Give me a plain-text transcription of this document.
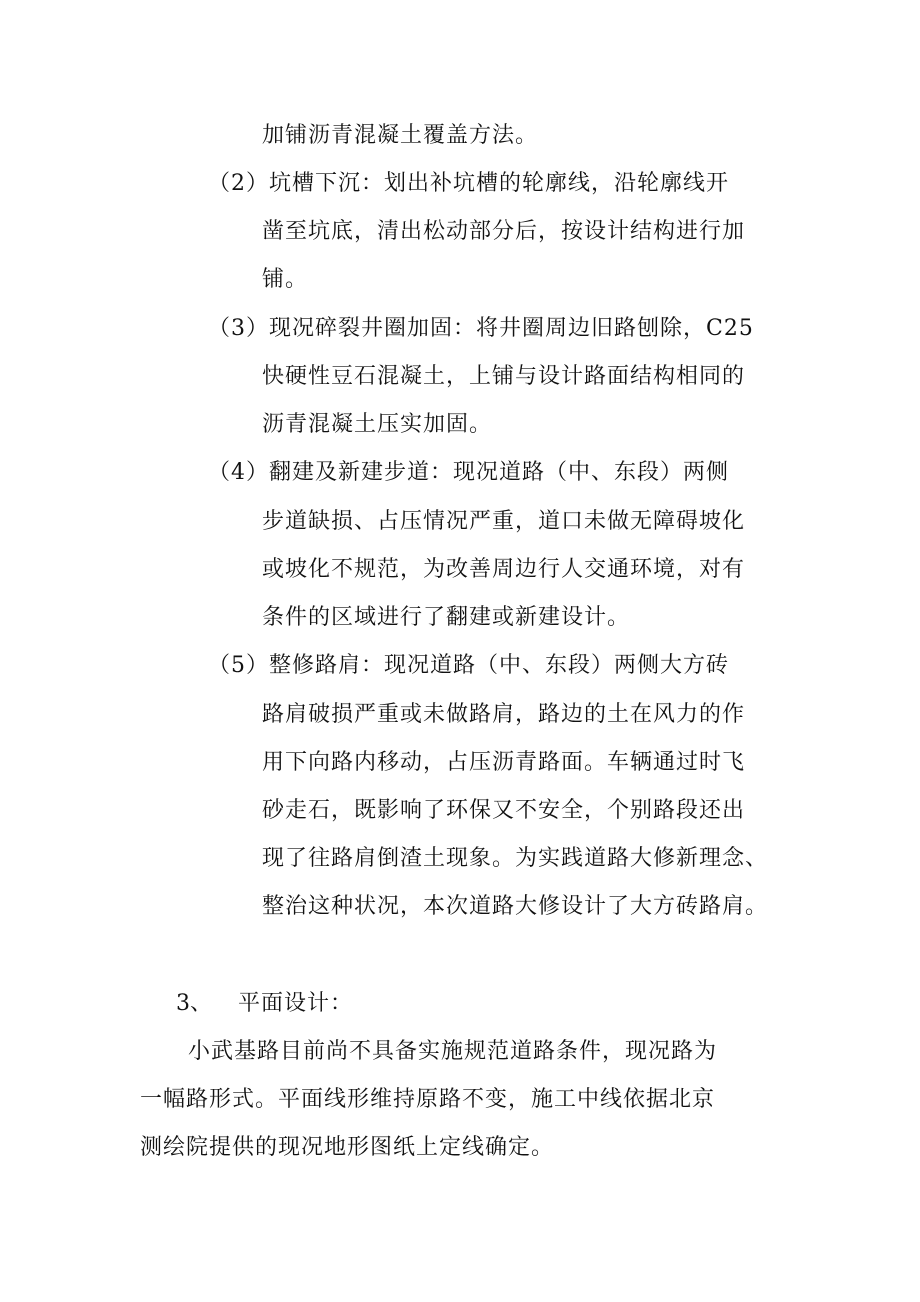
加铺沥青混凝土覆盖方法。
（2）坑槽下沉：划出补坑槽的轮廓线，沿轮廓线开
凿至坑底，清出松动部分后，按设计结构进行加
铺。
（3）现况碎裂井圈加固：将井圈周边旧路刨除，C25
快硬性豆石混凝土，上铺与设计路面结构相同的
沥青混凝土压实加固。
（4）翻建及新建步道：现况道路（中、东段）两侧
步道缺损、占压情况严重，道口未做无障碍坡化
或坡化不规范，为改善周边行人交通环境，对有
条件的区域进行了翻建或新建设计。
（5）整修路肩：现况道路（中、东段）两侧大方砖
路肩破损严重或未做路肩，路边的土在风力的作
用下向路内移动，占压沥青路面。车辆通过时飞
砂走石，既影响了环保又不安全，个别路段还出
现了往路肩倒渣土现象。为实践道路大修新理念、
整治这种状况，本次道路大修设计了大方砖路肩。
3、 平面设计：
小武基路目前尚不具备实施规范道路条件，现况路为
一幅路形式。平面线形维持原路不变，施工中线依据北京
测绘院提供的现况地形图纸上定线确定。
